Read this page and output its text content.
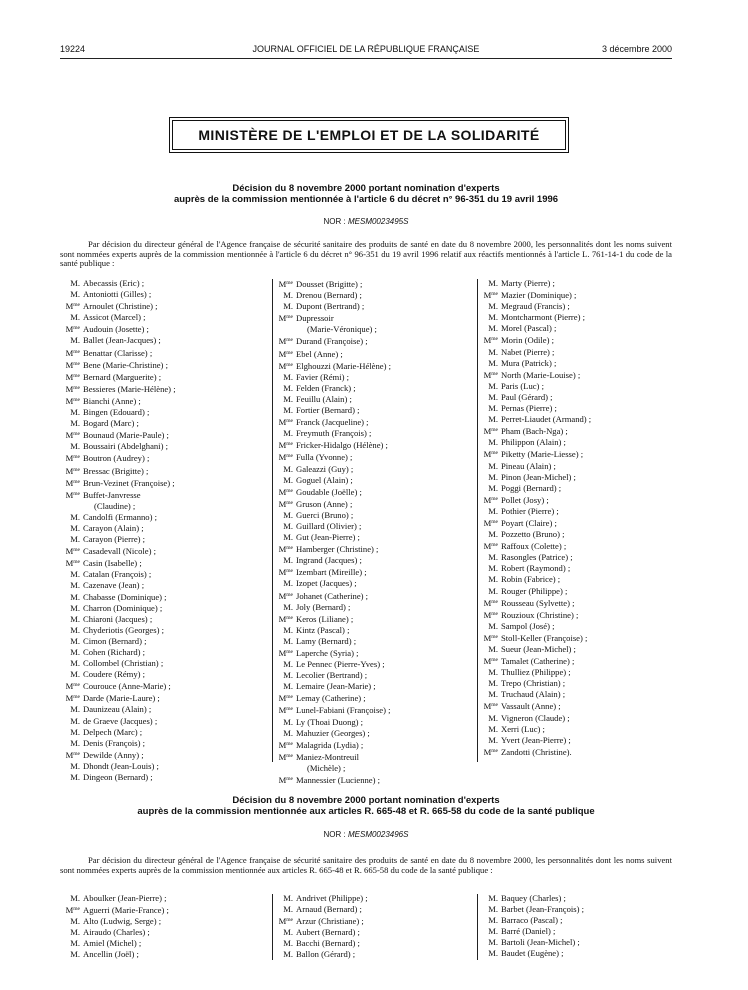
19224	JOURNAL OFFICIEL DE LA RÉPUBLIQUE FRANÇAISE	3 décembre 2000
MINISTÈRE DE L'EMPLOI ET DE LA SOLIDARITÉ
Décision du 8 novembre 2000 portant nomination d'experts
auprès de la commission mentionnée à l'article 6 du décret n° 96-351 du 19 avril 1996
NOR : MESM0023495S
Par décision du directeur général de l'Agence française de sécurité sanitaire des produits de santé en date du 8 novembre 2000, les personnalités dont les noms suivent sont nommées experts auprès de la commission mentionnée à l'article 6 du décret n° 96-351 du 19 avril 1996 relatif aux réactifs mentionnés à l'article L. 761-14-1 du code de la santé publique :
M. Abecassis (Eric) ;
M. Antoniotti (Gilles) ;
$M^{me}$ Arnoulet (Christine) ;
M. Assicot (Marcel) ;
$M^{me}$ Audouin (Josette) ;
M. Ballet (Jean-Jacques) ;
$M^{me}$ Benattar (Clarisse) ;
$M^{me}$ Bene (Marie-Christine) ;
$M^{me}$ Bernard (Marguerite) ;
$M^{me}$ Bessieres (Marie-Hélène) ;
$M^{me}$ Bianchi (Anne) ;
M. Bingen (Edouard) ;
M. Bogard (Marc) ;
$M^{me}$ Bounaud (Marie-Paule) ;
M. Boussairi (Abdelghani) ;
$M^{me}$ Boutron (Audrey) ;
$M^{me}$ Bressac (Brigitte) ;
$M^{me}$ Brun-Vezinet (Françoise) ;
$M^{me}$ Buffet-Janvresse
(Claudine) ;
M. Candolfi (Ermanno) ;
M. Carayon (Alain) ;
M. Carayon (Pierre) ;
$M^{me}$ Casadevall (Nicole) ;
$M^{me}$ Casin (Isabelle) ;
M. Catalan (François) ;
M. Cazenave (Jean) ;
M. Chabasse (Dominique) ;
M. Charron (Dominique) ;
M. Chiaroni (Jacques) ;
M. Chyderiotis (Georges) ;
M. Cimon (Bernard) ;
M. Cohen (Richard) ;
M. Collombel (Christian) ;
M. Coudere (Rémy) ;
$M^{me}$ Courouce (Anne-Marie) ;
$M^{me}$ Darde (Marie-Laure) ;
M. Daunizeau (Alain) ;
M. de Graeve (Jacques) ;
M. Delpech (Marc) ;
M. Denis (François) ;
$M^{me}$ Dewilde (Anny) ;
M. Dhondt (Jean-Louis) ;
M. Dingeon (Bernard) ;
$M^{me}$ Dousset (Brigitte) ;
M. Drenou (Bernard) ;
M. Dupont (Bertrand) ;
$M^{me}$ Dupressoir
(Marie-Véronique) ;
$M^{me}$ Durand (Françoise) ;
$M^{me}$ Ebel (Anne) ;
$M^{me}$ Elghouzzi (Marie-Hélène) ;
M. Favier (Rémi) ;
M. Felden (Franck) ;
M. Feuillu (Alain) ;
M. Fortier (Bernard) ;
$M^{me}$ Franck (Jacqueline) ;
M. Freymuth (François) ;
$M^{me}$ Fricker-Hidalgo (Hélène) ;
$M^{me}$ Fulla (Yvonne) ;
M. Galeazzi (Guy) ;
M. Goguel (Alain) ;
$M^{me}$ Goudable (Joëlle) ;
$M^{me}$ Gruson (Anne) ;
M. Guerci (Bruno) ;
M. Guillard (Olivier) ;
M. Gut (Jean-Pierre) ;
$M^{me}$ Hamberger (Christine) ;
M. Ingrand (Jacques) ;
$M^{me}$ Izembart (Mireille) ;
M. Izopet (Jacques) ;
$M^{me}$ Johanet (Catherine) ;
M. Joly (Bernard) ;
$M^{me}$ Keros (Liliane) ;
M. Kintz (Pascal) ;
M. Lamy (Bernard) ;
$M^{me}$ Laperche (Syria) ;
M. Le Pennec (Pierre-Yves) ;
M. Lecolier (Bertrand) ;
M. Lemaire (Jean-Marie) ;
$M^{me}$ Lemay (Catherine) ;
$M^{me}$ Lunel-Fabiani (Françoise) ;
M. Ly (Thoai Duong) ;
M. Mahuzier (Georges) ;
$M^{me}$ Malagrida (Lydia) ;
$M^{me}$ Maniez-Montreuil
(Michèle) ;
$M^{me}$ Mannessier (Lucienne) ;
M. Marty (Pierre) ;
$M^{me}$ Mazier (Dominique) ;
M. Megraud (Francis) ;
M. Montcharmont (Pierre) ;
M. Morel (Pascal) ;
$M^{me}$ Morin (Odile) ;
M. Nabet (Pierre) ;
M. Mura (Patrick) ;
$M^{me}$ North (Marie-Louise) ;
M. Paris (Luc) ;
M. Paul (Gérard) ;
M. Pernas (Pierre) ;
M. Perret-Liaudet (Armand) ;
$M^{me}$ Pham (Bach-Nga) ;
M. Philippon (Alain) ;
$M^{me}$ Piketty (Marie-Liesse) ;
M. Pineau (Alain) ;
M. Pinon (Jean-Michel) ;
M. Poggi (Bernard) ;
$M^{me}$ Pollet (Josy) ;
M. Pothier (Pierre) ;
$M^{me}$ Poyart (Claire) ;
M. Pozzetto (Bruno) ;
$M^{me}$ Raffoux (Colette) ;
M. Rasongles (Patrice) ;
M. Robert (Raymond) ;
M. Robin (Fabrice) ;
M. Rouger (Philippe) ;
$M^{me}$ Rousseau (Sylvette) ;
$M^{me}$ Rouzioux (Christine) ;
M. Sampol (José) ;
$M^{me}$ Stoll-Keller (Françoise) ;
M. Sueur (Jean-Michel) ;
$M^{me}$ Tamalet (Catherine) ;
M. Thulliez (Philippe) ;
M. Trepo (Christian) ;
M. Truchaud (Alain) ;
$M^{me}$ Vassault (Anne) ;
M. Vigneron (Claude) ;
M. Xerri (Luc) ;
M. Yvert (Jean-Pierre) ;
$M^{me}$ Zandotti (Christine).
Décision du 8 novembre 2000 portant nomination d'experts
auprès de la commission mentionnée aux articles R. 665-48 et R. 665-58 du code de la santé publique
NOR : MESM0023496S
Par décision du directeur général de l'Agence française de sécurité sanitaire des produits de santé en date du 8 novembre 2000, les personnalités dont les noms suivent sont nommées experts auprès de la commission mentionnée aux articles R. 665-48 et R. 665-58 du code de la santé publique :
M. Aboulker (Jean-Pierre) ;
$M^{me}$ Aguerri (Marie-France) ;
M. Alto (Ludwig, Serge) ;
M. Airaudo (Charles) ;
M. Amiel (Michel) ;
M. Ancellin (Joël) ;
M. Andrivet (Philippe) ;
M. Arnaud (Bernard) ;
$M^{me}$ Arzur (Christiane) ;
M. Aubert (Bernard) ;
M. Bacchi (Bernard) ;
M. Ballon (Gérard) ;
M. Baquey (Charles) ;
M. Barbet (Jean-François) ;
M. Barraco (Pascal) ;
M. Barré (Daniel) ;
M. Bartoli (Jean-Michel) ;
M. Baudet (Eugène) ;
